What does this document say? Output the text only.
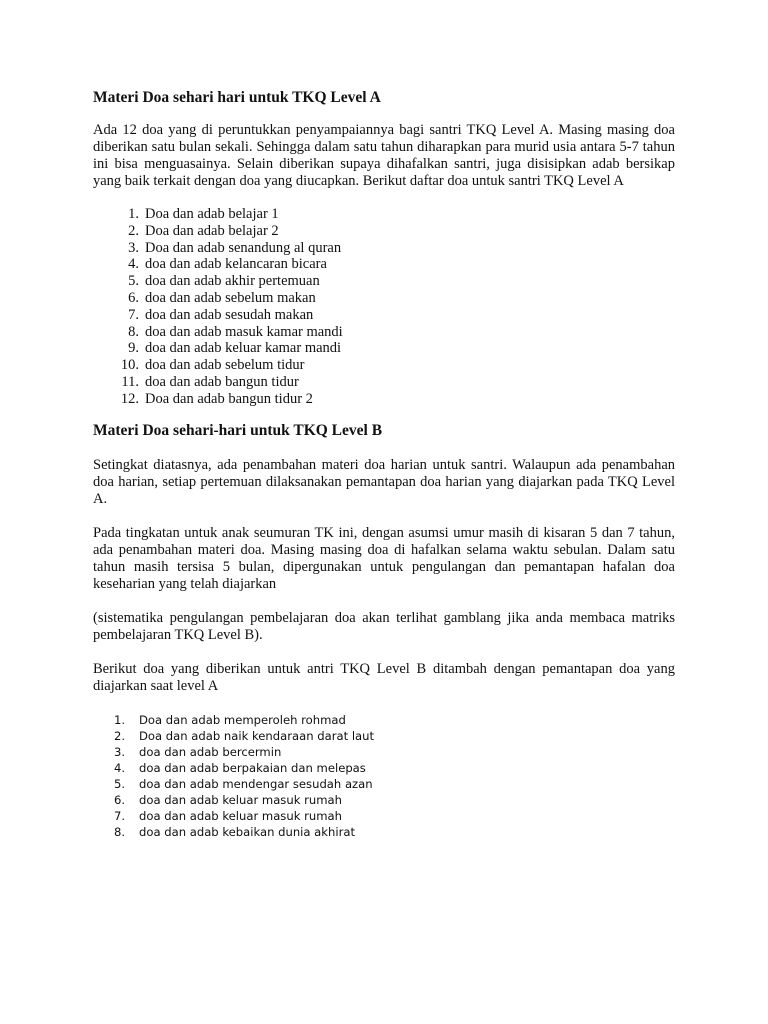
Materi Doa sehari hari untuk TKQ Level A

Ada 12 doa yang di peruntukkan penyampaiannya bagi santri TKQ Level A. Masing masing doa diberikan satu bulan sekali. Sehingga dalam satu tahun diharapkan para murid usia antara 5-7 tahun ini bisa menguasainya. Selain diberikan supaya dihafalkan santri, juga disisipkan adab bersikap yang baik terkait dengan doa yang diucapkan. Berikut daftar doa untuk santri TKQ Level A

1. Doa dan adab belajar 1
2. Doa dan adab belajar 2
3. Doa dan adab senandung al quran
4. doa dan adab kelancaran bicara
5. doa dan adab akhir pertemuan
6. doa dan adab sebelum makan
7. doa dan adab sesudah makan
8. doa dan adab masuk kamar mandi
9. doa dan adab keluar kamar mandi
10. doa dan adab sebelum tidur
11. doa dan adab bangun tidur
12. Doa dan adab bangun tidur 2
Materi Doa sehari-hari untuk TKQ Level B

Setingkat diatasnya, ada penambahan materi doa harian untuk santri. Walaupun ada penambahan doa harian, setiap pertemuan dilaksanakan pemantapan doa harian yang diajarkan pada TKQ Level A.

Pada tingkatan untuk anak seumuran TK ini, dengan asumsi umur masih di kisaran 5 dan 7 tahun, ada penambahan materi doa. Masing masing doa di hafalkan selama waktu sebulan. Dalam satu tahun masih tersisa 5 bulan, dipergunakan untuk pengulangan dan pemantapan hafalan doa keseharian yang telah diajarkan

(sistematika pengulangan pembelajaran doa akan terlihat gamblang jika anda membaca matriks pembelajaran TKQ Level B).

Berikut doa yang diberikan untuk antri TKQ Level B ditambah dengan pemantapan doa yang diajarkan saat level A

1.	Doa dan adab memperoleh rohmad
2.	Doa dan adab naik kendaraan darat laut
3.	doa dan adab bercermin
4.	doa dan adab berpakaian dan melepas
5.	doa dan adab mendengar sesudah azan
6.	doa dan adab keluar masuk rumah
7.	doa dan adab keluar masuk rumah
8.	doa dan adab kebaikan dunia akhirat
